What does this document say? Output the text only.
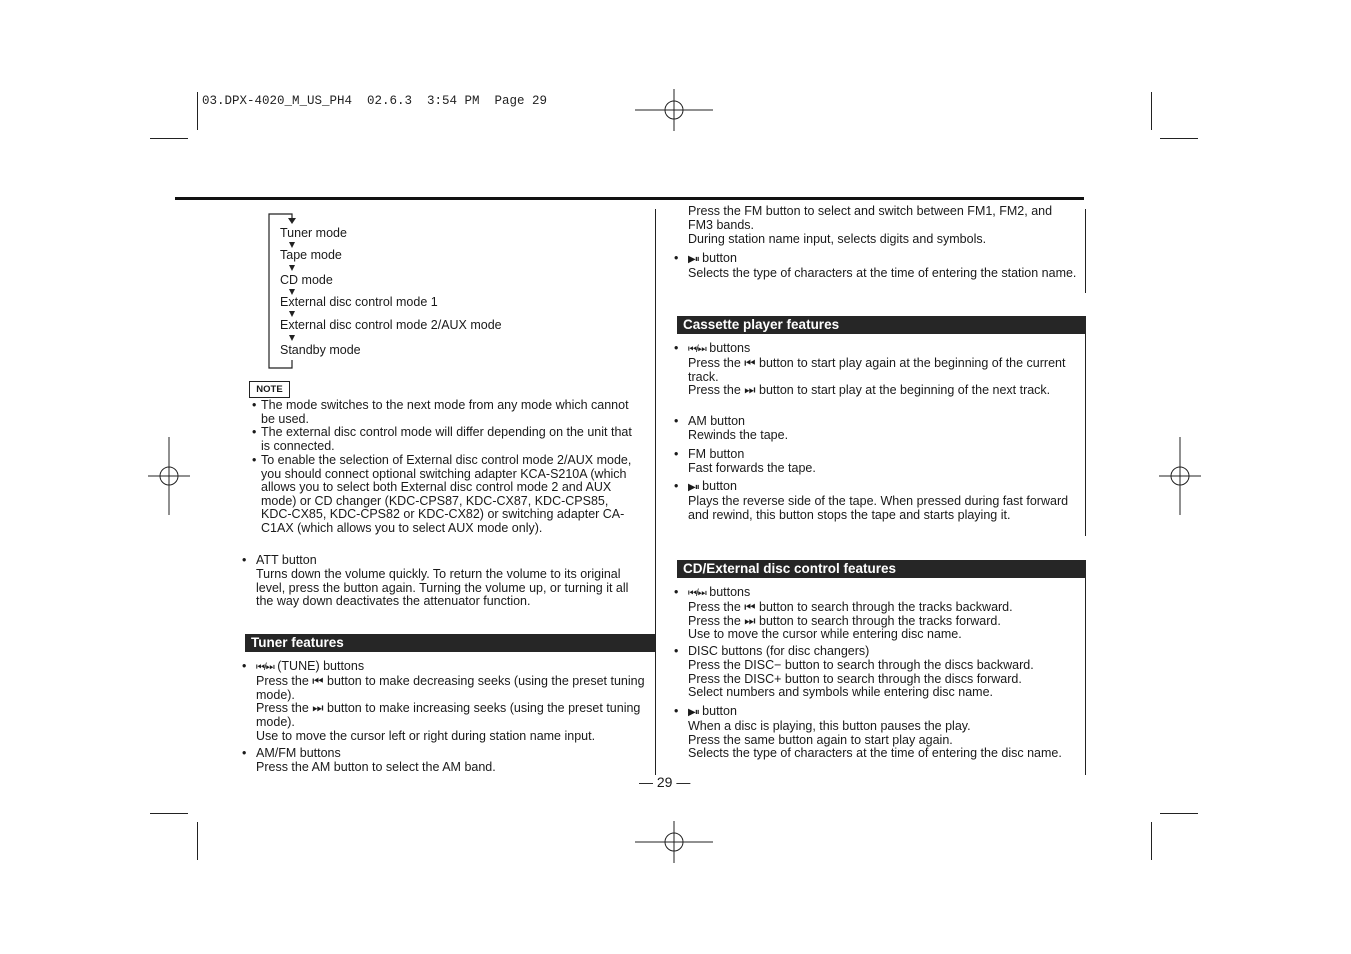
03.DPX-4020_M_US_PH4  02.6.3  3:54 PM  Page 29
Tuner mode
Tape mode
CD mode
External disc control mode 1
External disc control mode 2/AUX mode
Standby mode
NOTE
• The mode switches to the next mode from any mode which cannot be used.
• The external disc control mode will differ depending on the unit that is connected.
• To enable the selection of External disc control mode 2/AUX mode, you should connect optional switching adapter KCA-S210A (which allows you to select both External disc control mode 2 and AUX mode) or CD changer (KDC-CPS87, KDC-CX87, KDC-CPS85, KDC-CX85, KDC-CPS82 or KDC-CX82) or switching adapter CA-C1AX (which allows you to select AUX mode only).
• ATT button
Turns down the volume quickly. To return the volume to its original level, press the button again. Turning the volume up, or turning it all the way down deactivates the attenuator function.
Tuner features
• ⏮/⏭ (TUNE) buttons
Press the ⏮ button to make decreasing seeks (using the preset tuning mode).
Press the ⏭ button to make increasing seeks (using the preset tuning mode).
Use to move the cursor left or right during station name input.
• AM/FM buttons
Press the AM button to select the AM band.
Press the FM button to select and switch between FM1, FM2, and FM3 bands.
During station name input, selects digits and symbols.
• ▶⏸ button
Selects the type of characters at the time of entering the station name.
Cassette player features
• ⏮/⏭ buttons
Press the ⏮ button to start play again at the beginning of the current track.
Press the ⏭ button to start play at the beginning of the next track.
• AM button
Rewinds the tape.
• FM button
Fast forwards the tape.
• ▶⏸ button
Plays the reverse side of the tape. When pressed during fast forward and rewind, this button stops the tape and starts playing it.
CD/External disc control features
• ⏮/⏭ buttons
Press the ⏮ button to search through the tracks backward.
Press the ⏭ button to search through the tracks forward.
Use to move the cursor while entering disc name.
• DISC buttons (for disc changers)
Press the DISC− button to search through the discs backward.
Press the DISC+ button to search through the discs forward.
Select numbers and symbols while entering disc name.
• ▶⏸ button
When a disc is playing, this button pauses the play.
Press the same button again to start play again.
Selects the type of characters at the time of entering the disc name.
— 29 —
